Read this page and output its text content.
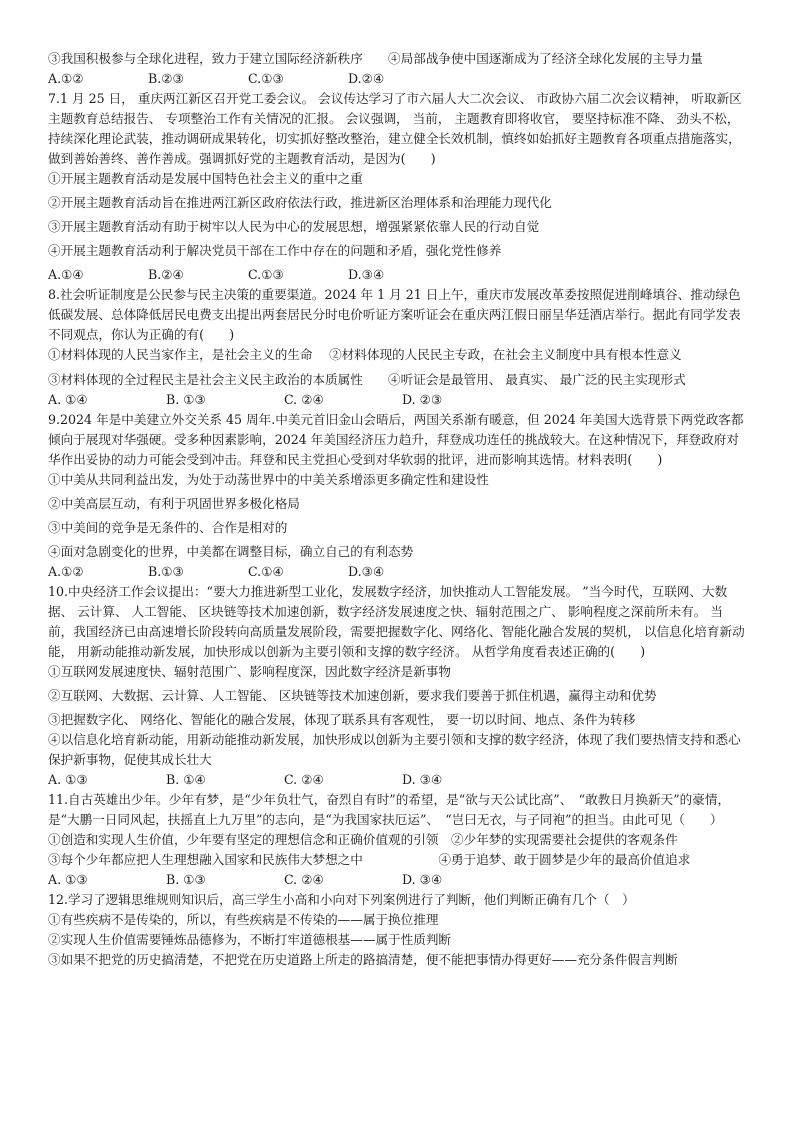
③我国积极参与全球化进程，致力于建立国际经济新秩序　　④局部战争使中国逐渐成为了经济全球化发展的主导力量
A.①②	B.②③	C.①③	D.②④
7.1 月 25 日， 重庆两江新区召开党工委会议。 会议传达学习了市六届人大二次会议、 市政协六届二次会议精神， 听取新区主题教育总结报告、 专项整治工作有关情况的汇报。 会议强调， 当前， 主题教育即将收官， 要坚持标准不降、 劲头不松，持续深化理论武装，推动调研成果转化，切实抓好整改整治，建立健全长效机制，慎终如始抓好主题教育各项重点措施落实，做到善始善终、善作善成。强调抓好党的主题教育活动，是因为(　　)
①开展主题教育活动是发展中国特色社会主义的重中之重
②开展主题教育活动旨在推进两江新区政府依法行政，推进新区治理体系和治理能力现代化
③开展主题教育活动有助于树牢以人民为中心的发展思想，增强紧紧依靠人民的行动自觉
④开展主题教育活动利于解决党员干部在工作中存在的问题和矛盾，强化党性修养
A.①④	B.②④	C.①③	D.③④
8.社会听证制度是公民参与民主决策的重要渠道。2024 年 1 月 21 日上午，重庆市发展改革委按照促进削峰填谷、推动绿色低碳发展、总体降低居民电费支出提出两套居民分时电价听证方案听证会在重庆两江假日丽呈华廷酒店举行。据此有同学发表不同观点，你认为正确的有(　　)
①材料体现的人民当家作主，是社会主义的生命　 ②材料体现的人民民主专政，在社会主义制度中具有根本性意义
③材料体现的全过程民主是社会主义民主政治的本质属性　　④听证会是最管用、 最真实、 最广泛的民主实现形式
A. ①④	B. ①③	C. ②④	D. ②③
9.2024 年是中美建立外交关系 45 周年.中美元首旧金山会晤后，两国关系渐有暖意，但 2024 年美国大选背景下两党政客都倾向于展现对华强硬。受多种因素影响，2024 年美国经济压力趋升，拜登成功连任的挑战较大。在这种情况下，拜登政府对华作出妥协的动力可能会受到冲击。拜登和民主党担心受到对华软弱的批评，进而影响其选情。材料表明(　　)
①中美从共同利益出发，为处于动荡世界中的中美关系增添更多确定性和建设性
②中美高层互动，有利于巩固世界多极化格局
③中美间的竞争是无条件的、合作是相对的
④面对急剧变化的世界，中美都在调整目标，确立自己的有利态势
A.①②	B.①③	C.①④	D.③④
10.中央经济工作会议提出：“要大力推进新型工业化，发展数字经济，加快推动人工智能发展。 ”当今时代，互联网、大数据、 云计算、 人工智能、 区块链等技术加速创新，数字经济发展速度之快、辐射范围之广、 影响程度之深前所未有。 当前，我国经济已由高速增长阶段转向高质量发展阶段，需要把握数字化、网络化、智能化融合发展的契机， 以信息化培育新动能， 用新动能推动新发展，加快形成以创新为主要引领和支撑的数字经济。 从哲学角度看表述正确的(　　)
①互联网发展速度快、辐射范围广、影响程度深，因此数字经济是新事物
②互联网、大数据、云计算、人工智能、 区块链等技术加速创新，要求我们要善于抓住机遇，赢得主动和优势
③把握数字化、 网络化、智能化的融合发展，体现了联系具有客观性， 要一切以时间、地点、条件为转移
④以信息化培育新动能，用新动能推动新发展，加快形成以创新为主要引领和支撑的数字经济，体现了我们要热情支持和悉心保护新事物，促使其成长壮大
A. ①③	B. ①④	C. ②④	D. ③④
11.自古英雄出少年。少年有梦，是“少年负壮气，奋烈自有时”的希望，是“欲与天公试比高”、　“敢教日月换新天”的豪情，是“大鹏一日同风起，扶摇直上九万里”的志向，是“为我国家扶厄运”、　“岂曰无衣，与子同袍”的担当。由此可见（　　）
①创造和实现人生价值，少年要有坚定的理想信念和正确价值观的引领　②少年梦的实现需要社会提供的客观条件
③每个少年都应把人生理想融入国家和民族伟大梦想之中　　　　　　④勇于追梦、敢于圆梦是少年的最高价值追求
A. ①③	B. ①③	C. ②④	D. ③④
12.学习了逻辑思维规则知识后，高三学生小高和小向对下列案例进行了判断，他们判断正确有几个（　）
①有些疾病不是传染的，所以，有些疾病是不传染的——属于换位推理
②实现人生价值需要锤炼品德修为，不断打牢道德根基——属于性质判断
③如果不把党的历史搞清楚，不把党在历史道路上所走的路搞清楚，便不能把事情办得更好——充分条件假言判断
